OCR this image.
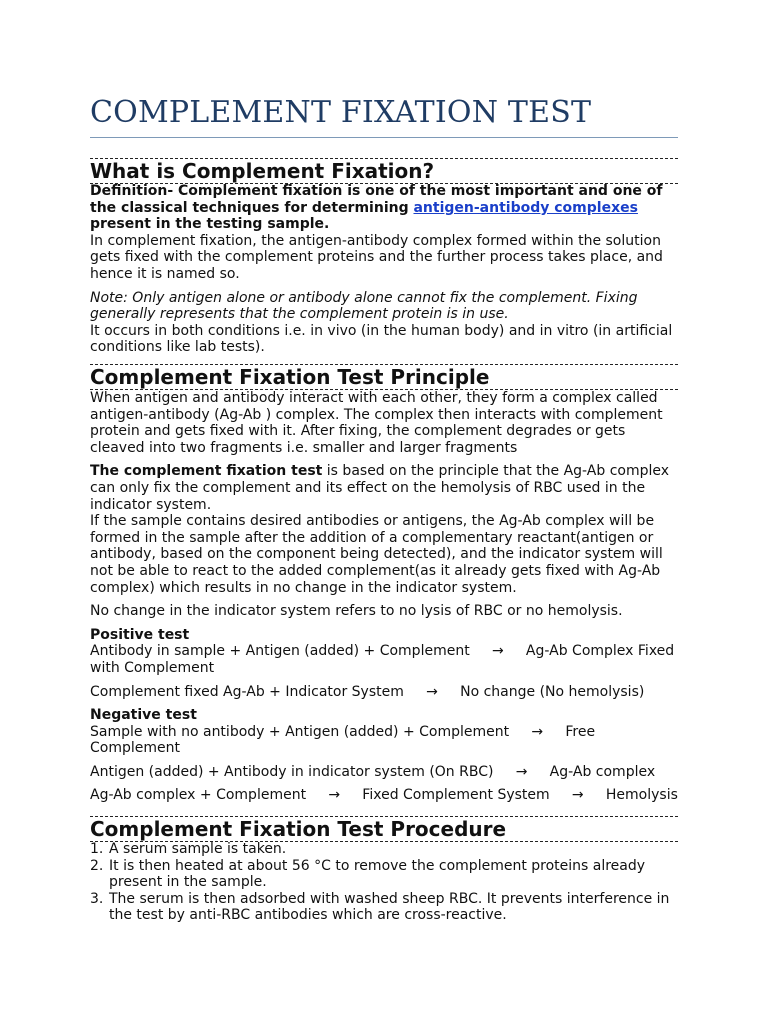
COMPLEMENT FIXATION TEST
What is Complement Fixation?

Definition- Complement fixation is one of the most important and one of the classical techniques for determining antigen-antibody complexes present in the testing sample.

In complement fixation, the antigen-antibody complex formed within the solution gets fixed with the complement proteins and the further process takes place, and hence it is named so.

Note: Only antigen alone or antibody alone cannot fix the complement. Fixing generally represents that the complement protein is in use.

It occurs in both conditions i.e. in vivo (in the human body) and in vitro (in artificial conditions like lab tests).

Complement Fixation Test Principle

When antigen and antibody interact with each other, they form a complex called antigen-antibody (Ag-Ab ) complex. The complex then interacts with complement protein and gets fixed with it. After fixing, the complement degrades or gets cleaved into two fragments i.e. smaller and larger fragments

The complement fixation test is based on the principle that the Ag-Ab complex can only fix the complement and its effect on the hemolysis of RBC used in the indicator system.

If the sample contains desired antibodies or antigens, the Ag-Ab complex will be formed in the sample after the addition of a complementary reactant(antigen or antibody, based on the component being detected), and the indicator system will not be able to react to the added complement(as it already gets fixed with Ag-Ab complex) which results in no change in the indicator system.

No change in the indicator system refers to no lysis of RBC or no hemolysis.

Positive test

Antibody in sample + Antigen (added) + Complement     →     Ag-Ab Complex Fixed with Complement

Complement fixed Ag-Ab + Indicator System     →     No change (No hemolysis)

Negative test

Sample with no antibody + Antigen (added) + Complement     →     Free Complement

Antigen (added) + Antibody in indicator system (On RBC)     →     Ag-Ab complex

Ag-Ab complex + Complement     →     Fixed Complement System     →     Hemolysis

Complement Fixation Test Procedure
1. A serum sample is taken.
2. It is then heated at about 56 °C to remove the complement proteins already present in the sample.
3. The serum is then adsorbed with washed sheep RBC. It prevents interference in the test by anti-RBC antibodies which are cross-reactive.
